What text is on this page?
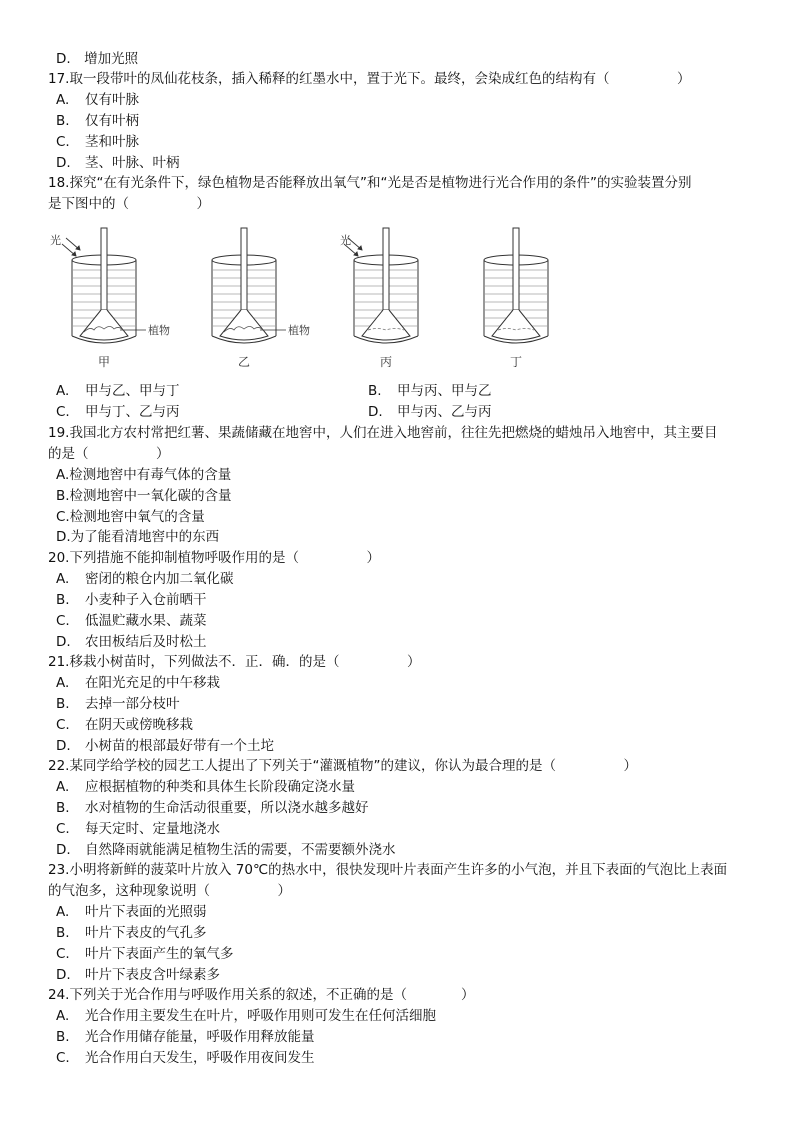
D.　增加光照
17.取一段带叶的凤仙花枝条，插入稀释的红墨水中，置于光下。最终，会染成红色的结构有（　　　　　）
A. 仅有叶脉
B. 仅有叶柄
C. 茎和叶脉
D. 茎、叶脉、叶柄
18.探究“在有光条件下，绿色植物是否能释放出氧气”和“光是否是植物进行光合作用的条件”的实验装置分别
是下图中的（　　　　　）
光
植物
甲
植物
乙
光
丙	丁
A. 甲与乙、甲与丁	B. 甲与丙、甲与乙
C. 甲与丁、乙与丙	D. 甲与丙、乙与丙
19.我国北方农村常把红薯、果蔬储藏在地窖中，人们在进入地窖前，往往先把燃烧的蜡烛吊入地窖中，其主要目
的是（　　　　　）
A.检测地窖中有毒气体的含量
B.检测地窖中一氧化碳的含量
C.检测地窖中氧气的含量
D.为了能看清地窖中的东西
20.下列措施不能抑制植物呼吸作用的是（　　　　　）
A. 密闭的粮仓内加二氧化碳
B. 小麦种子入仓前晒干
C. 低温贮藏水果、蔬菜
D. 农田板结后及时松土
21.移栽小树苗时，下列做法不．正．确．的是（　　　　　）
A. 在阳光充足的中午移栽
B. 去掉一部分枝叶
C. 在阴天或傍晚移栽
D. 小树苗的根部最好带有一个土坨
22.某同学给学校的园艺工人提出了下列关于“灌溉植物”的建议，你认为最合理的是（　　　　　）
A. 应根据植物的种类和具体生长阶段确定浇水量
B. 水对植物的生命活动很重要，所以浇水越多越好
C. 每天定时、定量地浇水
D. 自然降雨就能满足植物生活的需要，不需要额外浇水
23.小明将新鲜的菠菜叶片放入 70℃的热水中，很快发现叶片表面产生许多的小气泡，并且下表面的气泡比上表面
的气泡多，这种现象说明（　　　　　）
A. 叶片下表面的光照弱
B. 叶片下表皮的气孔多
C. 叶片下表面产生的氧气多
D. 叶片下表皮含叶绿素多
24.下列关于光合作用与呼吸作用关系的叙述，不正确的是（　　　　）
A. 光合作用主要发生在叶片，呼吸作用则可发生在任何活细胞
B. 光合作用储存能量，呼吸作用释放能量
C. 光合作用白天发生，呼吸作用夜间发生
